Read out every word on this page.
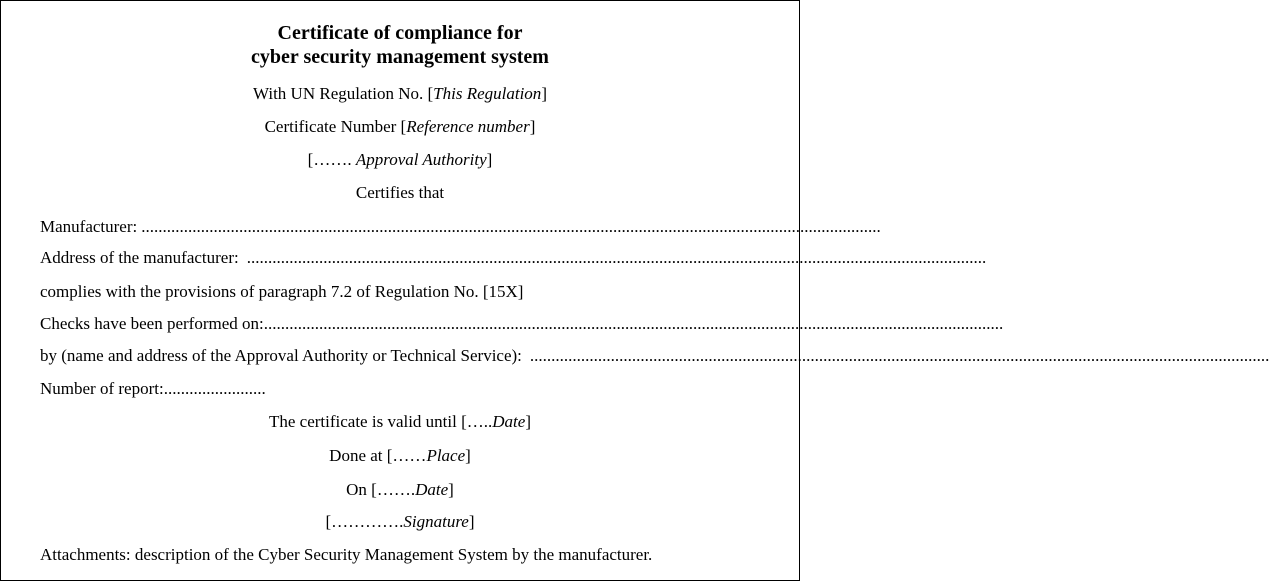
Certificate of compliance for
cyber security management system
With UN Regulation No. [This Regulation]
Certificate Number [Reference number]
[……. Approval Authority]
Certifies that
Manufacturer: ..............................................................................................................................................................................
Address of the manufacturer: ..............................................................................................................................................................................
complies with the provisions of paragraph 7.2 of Regulation No. [15X]
Checks have been performed on: ..............................................................................................................................................................................
by (name and address of the Approval Authority or Technical Service): ..............................................................................................................................................................................
Number of report: ........................
The certificate is valid until […..Date]
Done at [……Place]
On […….Date]
[………….Signature]
Attachments: description of the Cyber Security Management System by the manufacturer.
